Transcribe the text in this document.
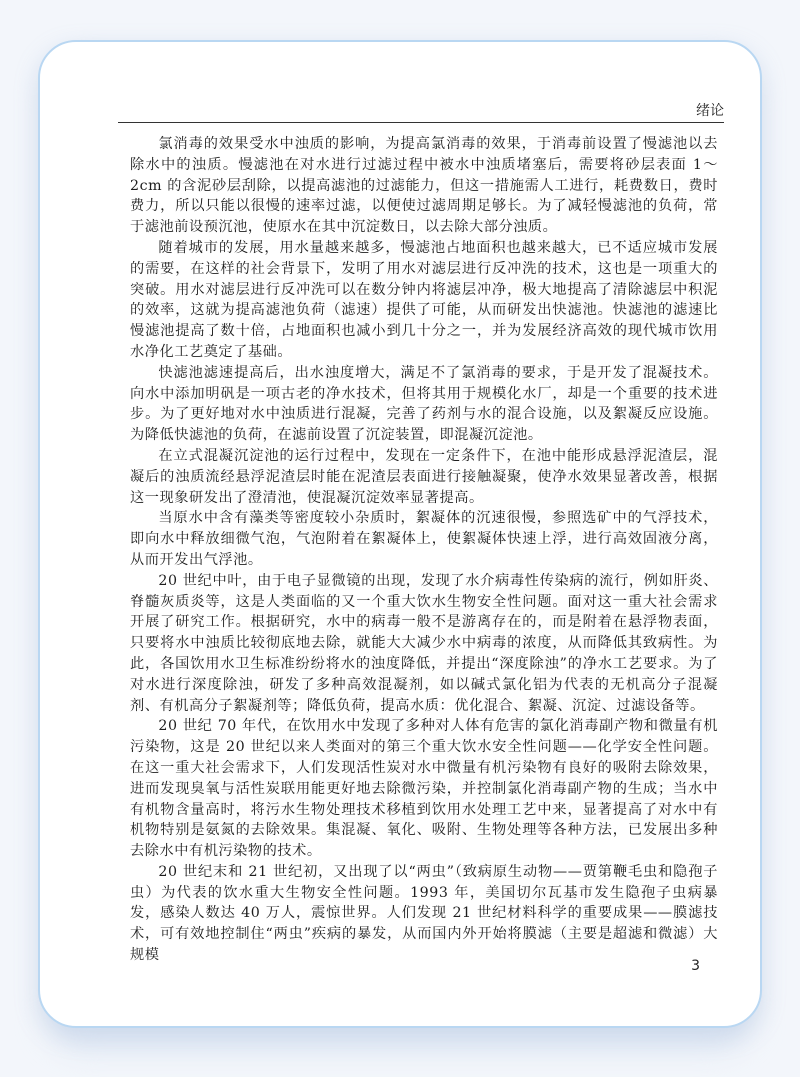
绪论

氯消毒的效果受水中浊质的影响，为提高氯消毒的效果，于消毒前设置了慢滤池以去除水中的浊质。慢滤池在对水进行过滤过程中被水中浊质堵塞后，需要将砂层表面 1～2cm 的含泥砂层刮除，以提高滤池的过滤能力，但这一措施需人工进行，耗费数日，费时费力，所以只能以很慢的速率过滤，以便使过滤周期足够长。为了减轻慢滤池的负荷，常于滤池前设预沉池，使原水在其中沉淀数日，以去除大部分浊质。

随着城市的发展，用水量越来越多，慢滤池占地面积也越来越大，已不适应城市发展的需要，在这样的社会背景下，发明了用水对滤层进行反冲洗的技术，这也是一项重大的突破。用水对滤层进行反冲洗可以在数分钟内将滤层冲净，极大地提高了清除滤层中积泥的效率，这就为提高滤池负荷（滤速）提供了可能，从而研发出快滤池。快滤池的滤速比慢滤池提高了数十倍，占地面积也减小到几十分之一，并为发展经济高效的现代城市饮用水净化工艺奠定了基础。

快滤池滤速提高后，出水浊度增大，满足不了氯消毒的要求，于是开发了混凝技术。向水中添加明矾是一项古老的净水技术，但将其用于规模化水厂，却是一个重要的技术进步。为了更好地对水中浊质进行混凝，完善了药剂与水的混合设施，以及絮凝反应设施。为降低快滤池的负荷，在滤前设置了沉淀装置，即混凝沉淀池。

在立式混凝沉淀池的运行过程中，发现在一定条件下，在池中能形成悬浮泥渣层，混凝后的浊质流经悬浮泥渣层时能在泥渣层表面进行接触凝聚，使净水效果显著改善，根据这一现象研发出了澄清池，使混凝沉淀效率显著提高。

当原水中含有藻类等密度较小杂质时，絮凝体的沉速很慢，参照选矿中的气浮技术，即向水中释放细微气泡，气泡附着在絮凝体上，使絮凝体快速上浮，进行高效固液分离，从而开发出气浮池。

20 世纪中叶，由于电子显微镜的出现，发现了水介病毒性传染病的流行，例如肝炎、脊髓灰质炎等，这是人类面临的又一个重大饮水生物安全性问题。面对这一重大社会需求开展了研究工作。根据研究，水中的病毒一般不是游离存在的，而是附着在悬浮物表面，只要将水中浊质比较彻底地去除，就能大大减少水中病毒的浓度，从而降低其致病性。为此，各国饮用水卫生标准纷纷将水的浊度降低，并提出“深度除浊”的净水工艺要求。为了对水进行深度除浊，研发了多种高效混凝剂，如以碱式氯化铝为代表的无机高分子混凝剂、有机高分子絮凝剂等；降低负荷，提高水质：优化混合、絮凝、沉淀、过滤设备等。

20 世纪 70 年代，在饮用水中发现了多种对人体有危害的氯化消毒副产物和微量有机污染物，这是 20 世纪以来人类面对的第三个重大饮水安全性问题——化学安全性问题。在这一重大社会需求下，人们发现活性炭对水中微量有机污染物有良好的吸附去除效果，进而发现臭氧与活性炭联用能更好地去除微污染，并控制氯化消毒副产物的生成；当水中有机物含量高时，将污水生物处理技术移植到饮用水处理工艺中来，显著提高了对水中有机物特别是氨氮的去除效果。集混凝、氧化、吸附、生物处理等各种方法，已发展出多种去除水中有机污染物的技术。

20 世纪末和 21 世纪初，又出现了以“两虫”（致病原生动物——贾第鞭毛虫和隐孢子虫）为代表的饮水重大生物安全性问题。1993 年，美国切尔瓦基市发生隐孢子虫病暴发，感染人数达 40 万人，震惊世界。人们发现 21 世纪材料科学的重要成果——膜滤技术，可有效地控制住“两虫”疾病的暴发，从而国内外开始将膜滤（主要是超滤和微滤）大规模

3
